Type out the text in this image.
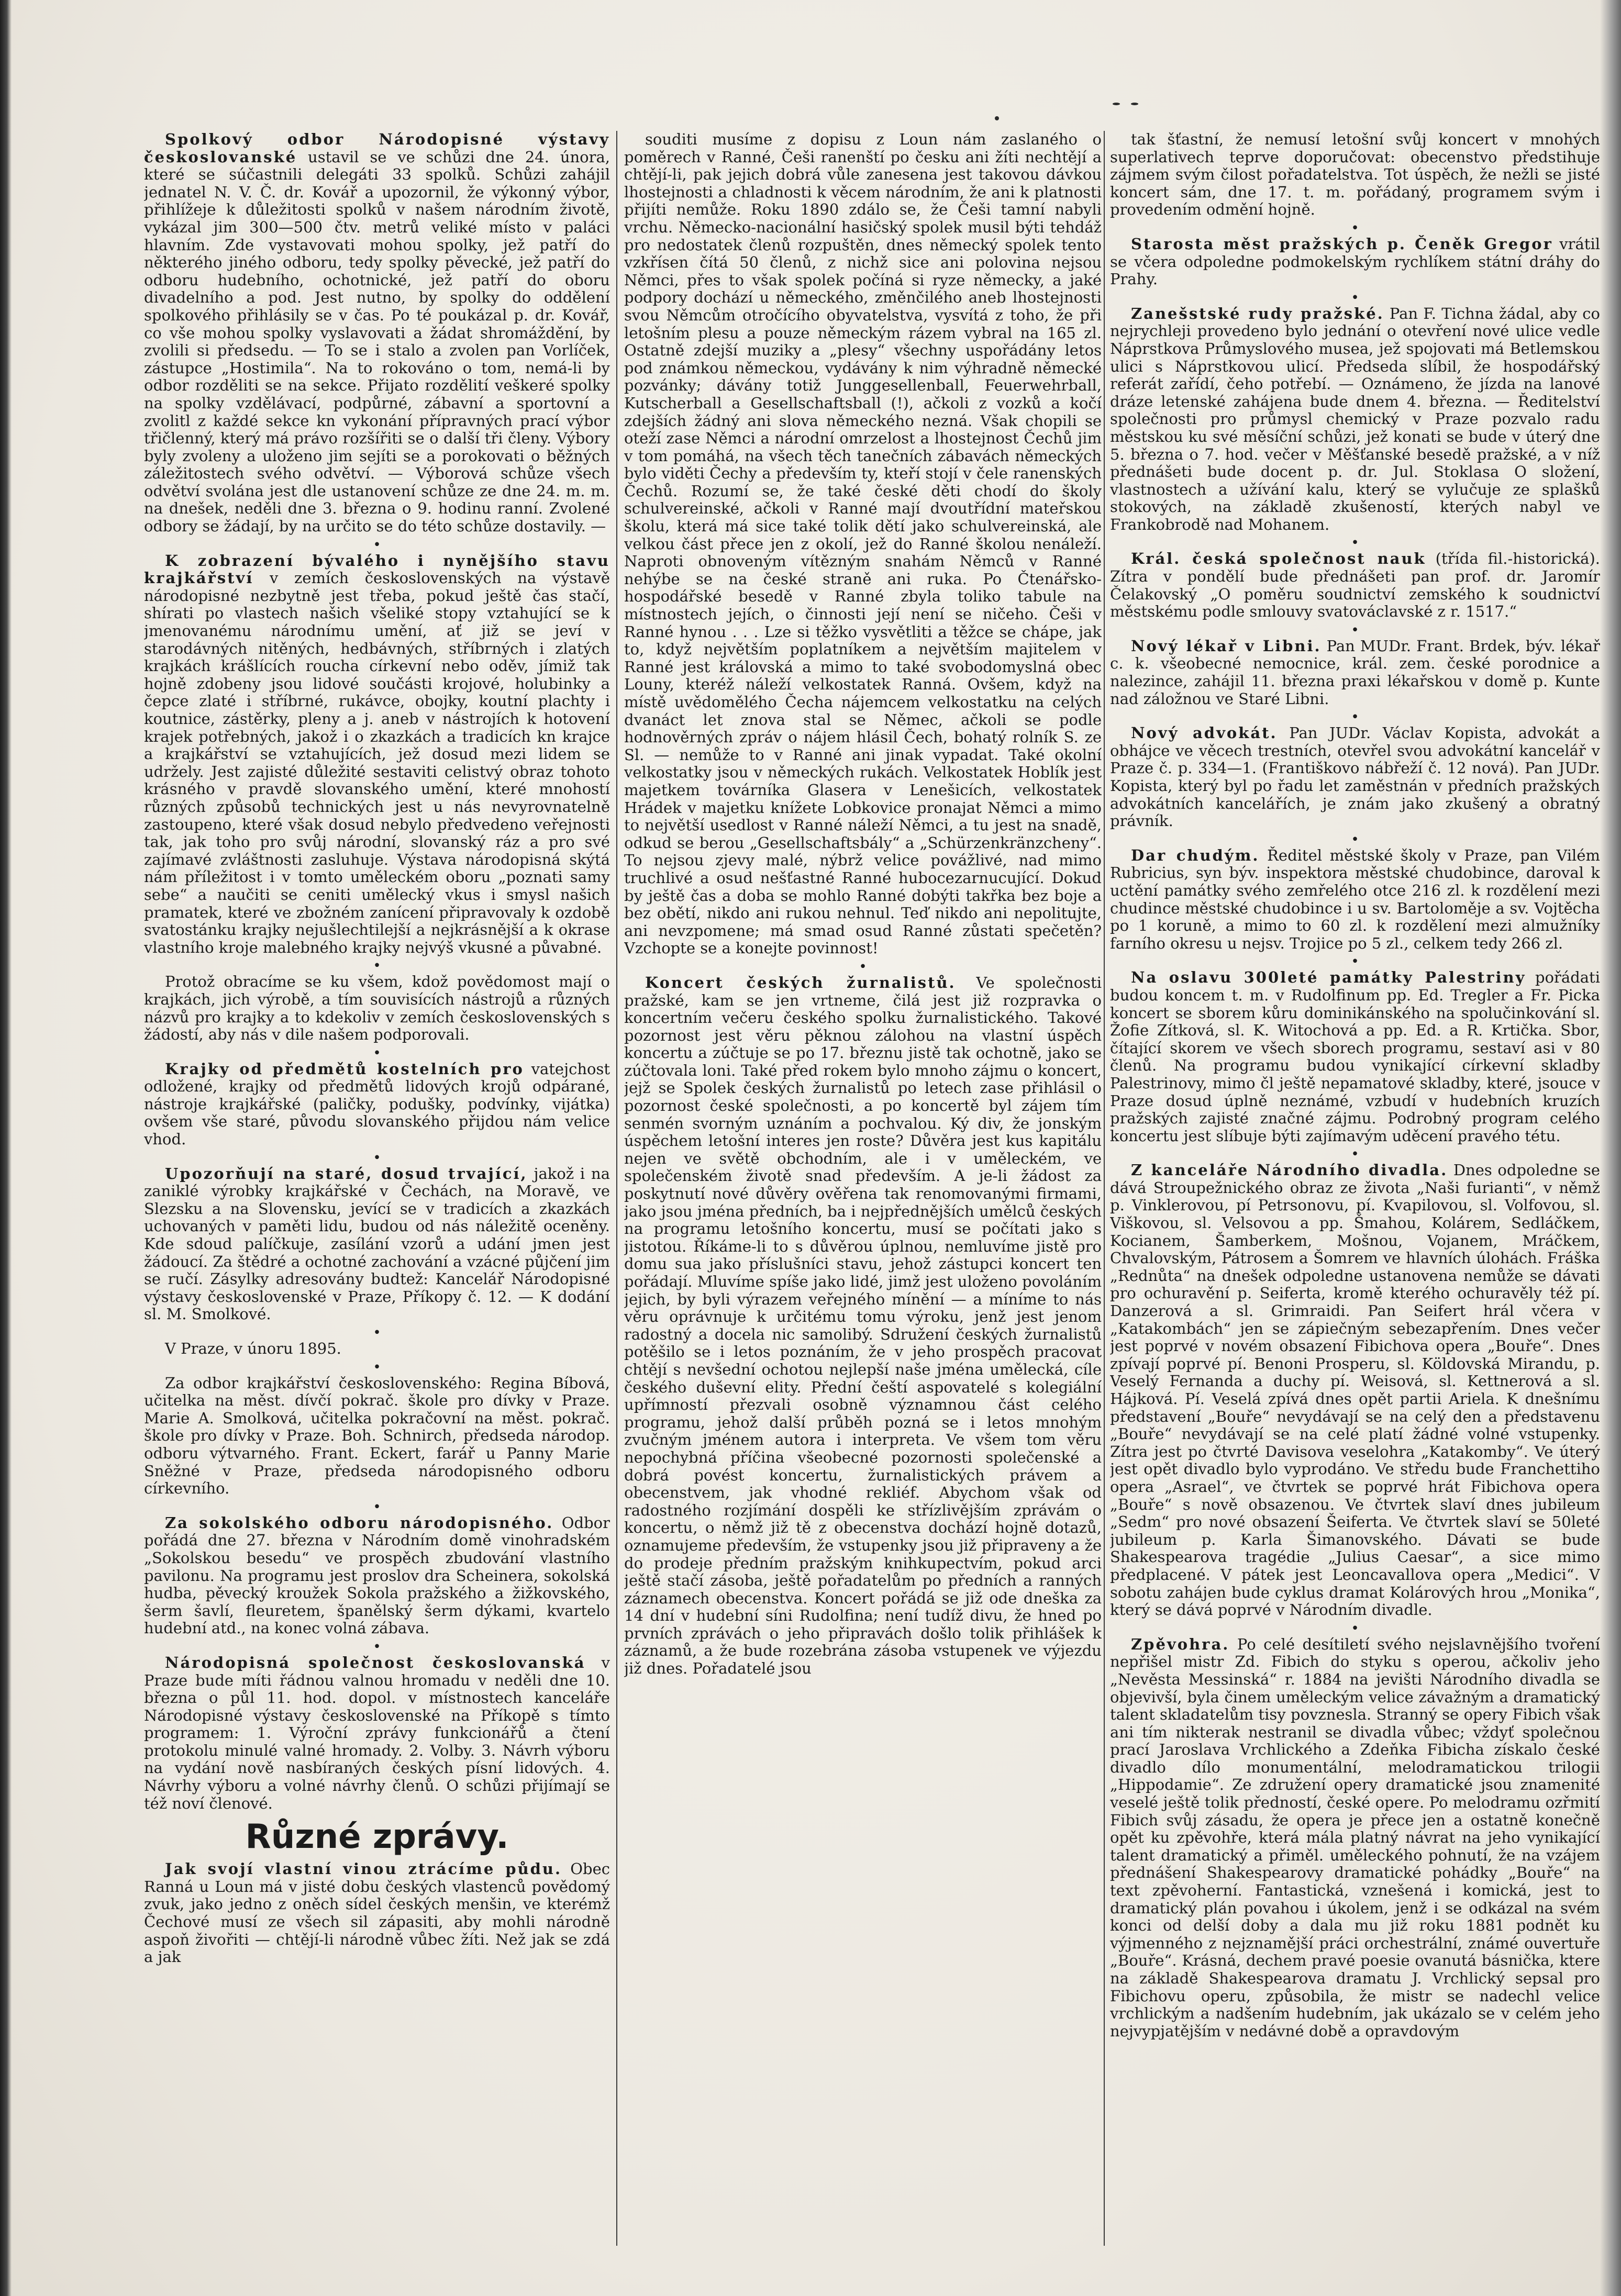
Spolkový odbor Národopisné výstavy českoslovanské ustavil se ve schůzi dne 24. února, které se súčastnili delegáti 33 spolků. Schůzi zahájil jednatel N. V. Č. dr. Kovář a upozornil, že výkonný výbor, přihlížeje k důležitosti spolků v našem národním životě, vykázal jim 300—500 čtv. metrů veliké místo v paláci hlavním. Zde vystavovati mohou spolky, jež patří do některého jiného odboru, tedy spolky pěvecké, jež patří do odboru hudebního, ochotnické, jež patří do oboru divadelního a pod. Jest nutno, by spolky do oddělení spolkového přihlásily se v čas. Po té poukázal p. dr. Kovář, co vše mohou spolky vyslavovati a žádat shromáždění, by zvolili si předsedu. — To se i stalo a zvolen pan Vorlíček, zástupce „Hostimila“. Na to rokováno o tom, nemá-li by odbor rozděliti se na sekce. Přijato rozdělití veškeré spolky na spolky vzdělávací, podpůrné, zábavní a sportovní a zvolitl z každé sekce kn vykonání přípravných prací výbor třičlenný, který má právo rozšířiti se o další tři členy. Výbory byly zvoleny a uloženo jim sejíti se a porokovati o běžných záležitostech svého odvětví. — Výborová schůze všech odvětví svolána jest dle ustanovení schůze ze dne 24. m. m. na dnešek, neděli dne 3. března o 9. hodinu ranní. Zvolené odbory se žádají, by na určito se do této schůze dostavily. —

•

K zobrazení bývalého i nynějšího stavu krajkářství v zemích československých na výstavě národopisné nezbytně jest třeba, pokud ještě čas stačí, shírati po vlastech našich všeliké stopy vztahující se k jmenovanému národnímu umění, ať již se jeví v starodávných nitěných, hedbávných, stříbrných i zlatých krajkách krášlících roucha církevní nebo oděv, jímiž tak hojně zdobeny jsou lidové součásti krojové, holubinky a čepce zlaté i stříbrné, rukávce, obojky, koutní plachty i koutnice, zástěrky, pleny a j. aneb v nástrojích k hotovení krajek potřebných, jakož i o zkazkách a tradicích kn krajce a krajkářství se vztahujících, jež dosud mezi lidem se udržely. Jest zajisté důležité sestaviti celistvý obraz tohoto krásného v pravdě slovanského umění, které mnohostí různých způsobů technických jest u nás nevyrovnatelně zastoupeno, které však dosud nebylo předvedeno veřejnosti tak, jak toho pro svůj národní, slovanský ráz a pro své zajímavé zvláštnosti zasluhuje. Výstava národopisná skýtá nám příležitost i v tomto uměleckém oboru „poznati samy sebe“ a naučiti se ceniti umělecký vkus i smysl našich pramatek, které ve zbožném zanícení připravovaly k ozdobě svatostánku krajky nejušlechtilejší a nejkrásnější a k okrase vlastního kroje malebného krajky nejvýš vkusné a půvabné.

•

Protož obracíme se ku všem, kdož povědomost mají o krajkách, jich výrobě, a tím souvisících nástrojů a různých názvů pro krajky a to kdekoliv v zemích československých s žádostí, aby nás v dile našem podporovali.

•

Krajky od předmětů kostelních pro vatejchost odložené, krajky od předmětů lidových krojů odpárané, nástroje krajkářské (paličky, podušky, podvínky, vijátka) ovšem vše staré, původu slovanského přijdou nám velice vhod.

•

Upozorňují na staré, dosud trvající, jakož i na zaniklé výrobky krajkářské v Čechách, na Moravě, ve Slezsku a na Slovensku, jevící se v tradicích a zkazkách uchovaných v paměti lidu, budou od nás náležitě oceněny. Kde sdoud palíčkuje, zasílání vzorů a udání jmen jest žádoucí. Za štědré a ochotné zachování a vzácné půjčení jim se ručí. Zásylky adresovány budtež: Kancelář Národopisné výstavy československé v Praze, Příkopy č. 12. — K dodání sl. M. Smolkové.

•

V Praze, v únoru 1895.

•

Za odbor krajkářství československého: Regina Bíbová, učitelka na měst. dívčí pokrač. škole pro dívky v Praze. Marie A. Smolková, učitelka pokračovní na měst. pokrač. škole pro dívky v Praze. Boh. Schnirch, předseda národop. odboru výtvarného. Frant. Eckert, farář u Panny Marie Sněžné v Praze, předseda národopisného odboru církevního.

•

Za sokolského odboru národopisného. Odbor pořádá dne 27. března v Národním domě vinohradském „Sokolskou besedu“ ve prospěch zbudování vlastního pavilonu. Na programu jest proslov dra Scheinera, sokolská hudba, pěvecký kroužek Sokola pražského a žižkovského, šerm šavlí, fleuretem, španělský šerm dýkami, kvartelo hudební atd., na konec volná zábava.

•

Národopisná společnost českoslovanská v Praze bude míti řádnou valnou hromadu v neděli dne 10. března o půl 11. hod. dopol. v místnostech kanceláře Národopisné výstavy československé na Příkopě s tímto programem: 1. Výroční zprávy funkcionářů a čtení protokolu minulé valné hromady. 2. Volby. 3. Návrh výboru na vydání nově nasbíraných českých písní lidových. 4. Návrhy výboru a volné návrhy členů. O schůzi přijímají se též noví členové.

Různé zprávy.

Jak svojí vlastní vinou ztrácíme půdu. Obec Ranná u Loun má v jisté dobu českých vlastenců povědomý zvuk, jako jedno z oněch sídel českých menšin, ve kterémž Čechové musí ze všech sil zápasiti, aby mohli národně aspoň živořiti — chtějí-li národně vůbec žíti. Než jak se zdá a jak

souditi musíme z dopisu z Loun nám zaslaného o poměrech v Ranné, Češi ranenští po česku ani žíti nechtějí a chtějí-li, pak jejich dobrá vůle zanesena jest takovou dávkou lhostejnosti a chladnosti k věcem národním, že ani k platnosti přijíti nemůže. Roku 1890 zdálo se, že Češi tamní nabyli vrchu. Německo-nacionální hasičský spolek musil býti tehdáž pro nedostatek členů rozpuštěn, dnes německý spolek tento vzkřísen čítá 50 členů, z nichž sice ani polovina nejsou Němci, přes to však spolek počíná si ryze německy, a jaké podpory dochází u německého, změnčilého aneb lhostejnosti svou Němcům otročícího obyvatelstva, vysvítá z toho, že při letošním plesu a pouze německým rázem vybral na 165 zl. Ostatně zdejší muziky a „plesy“ všechny uspořádány letos pod známkou německou, vydávány k nim výhradně německé pozvánky; dávány totiž Junggesellenball, Feuerwehrball, Kutscherball a Gesellschaftsball (!), ačkoli z vozků a kočí zdejších žádný ani slova německého nezná. Však chopili se oteží zase Němci a národní omrzelost a lhostejnost Čechů jim v tom pomáhá, na všech těch tanečních zábavách německých bylo viděti Čechy a především ty, kteří stojí v čele ranenských Čechů. Rozumí se, že také české děti chodí do školy schulvereinské, ačkoli v Ranné mají dvoutřídní mateřskou školu, která má sice také tolik dětí jako schulvereinská, ale velkou část přece jen z okolí, jež do Ranné školou nenáleží. Naproti obnoveným vítězným snahám Němců v Ranné nehýbe se na české straně ani ruka. Po Čtenářsko-hospodářské besedě v Ranné zbyla toliko tabule na místnostech jejích, o činnosti její není se ničeho. Češi v Ranné hynou . . . Lze si těžko vysvětliti a těžce se chápe, jak to, když největším poplatníkem a největším majitelem v Ranné jest královská a mimo to také svobodomyslná obec Louny, kteréž náleží velkostatek Ranná. Ovšem, když na místě uvědomělého Čecha nájemcem velkostatku na celých dvanáct let znova stal se Němec, ačkoli se podle hodnověrných zpráv o nájem hlásil Čech, bohatý rolník S. ze Sl. — nemůže to v Ranné ani jinak vypadat. Také okolní velkostatky jsou v německých rukách. Velkostatek Hoblík jest majetkem továrníka Glasera v Lenešicích, velkostatek Hrádek v majetku knížete Lobkovice pronajat Němci a mimo to největší usedlost v Ranné náleží Němci, a tu jest na snadě, odkud se berou „Gesellschaftsbály“ a „Schürzenkränzcheny“. To nejsou zjevy malé, nýbrž velice povážlivé, nad mimo truchlivé a osud nešťastné Ranné hubocezarnucující. Dokud by ještě čas a doba se mohlo Ranné dobýti takřka bez boje a bez obětí, nikdo ani rukou nehnul. Teď nikdo ani nepolitujte, ani nevzpomene; má smad osud Ranné zůstati spečetěn? Vzchopte se a konejte povinnost!

•

Koncert českých žurnalistů. Ve společnosti pražské, kam se jen vrtneme, čilá jest již rozpravka o koncertním večeru českého spolku žurnalistického. Takové pozornost jest věru pěknou zálohou na vlastní úspěch koncertu a zúčtuje se po 17. březnu jistě tak ochotně, jako se zúčtovala loni. Také před rokem bylo mnoho zájmu o koncert, jejž se Spolek českých žurnalistů po letech zase přihlásil o pozornost české společnosti, a po koncertě byl zájem tím senmén svorným uznáním a pochvalou. Ký div, že jonským úspěchem letošní interes jen roste? Důvěra jest kus kapitálu nejen ve světě obchodním, ale i v uměleckém, ve společenském životě snad především. A je-li žádost za poskytnutí nové důvěry ověřena tak renomovanými firmami, jako jsou jména předních, ba i nejpřednějších umělců českých na programu letošního koncertu, musí se počítati jako s jistotou. Říkáme-li to s důvěrou úplnou, nemluvíme jistě pro domu sua jako příslušníci stavu, jehož zástupci koncert ten pořádají. Mluvíme spíše jako lidé, jimž jest uloženo povoláním jejich, by byli výrazem veřejného mínění — a míníme to nás věru oprávnuje k určitému tomu výroku, jenž jest jenom radostný a docela nic samolibý. Sdružení českých žurnalistů potěšilo se i letos poznáním, že v jeho prospěch pracovat chtějí s nevšední ochotou nejlepší naše jména umělecká, cíle českého duševní elity. Přední čeští aspovatelé s kolegiální upřímností přezvali osobně významnou část celého programu, jehož další průběh pozná se i letos mnohým zvučným jménem autora i interpreta. Ve všem tom věru nepochybná příčina všeobecné pozornosti společenské a dobrá povést koncertu, žurnalistických právem a obecenstvem, jak vhodné rekliéf. Abychom však od radostného rozjímání dospěli ke střízlivějším zprávám o koncertu, o němž již tě z obecenstva dochází hojně dotazů, oznamujeme především, že vstupenky jsou již připraveny a že do prodeje předním pražským knihkupectvím, pokud arci ještě stačí zásoba, ještě pořadatelům po předních a ranných záznamech obecenstva. Koncert pořádá se již ode dneška za 14 dní v hudební síni Rudolfina; není tudíž divu, že hned po prvních zprávách o jeho připravách došlo tolik přihlášek k záznamů, a že bude rozebrána zásoba vstupenek ve výjezdu již dnes. Pořadatelé jsou

tak šťastní, že nemusí letošní svůj koncert v mnohých superlativech teprve doporučovat: obecenstvo předstihuje zájmem svým čilost pořadatelstva. Tot úspěch, že nežli se jisté koncert sám, dne 17. t. m. pořádaný, programem svým i provedením odmění hojně.

•

Starosta měst pražských p. Čeněk Gregor vrátil se včera odpoledne podmokelským rychlíkem státní dráhy do Prahy.

•

Zanešstské rudy pražské. Pan F. Tichna žádal, aby co nejrychleji provedeno bylo jednání o otevření nové ulice vedle Náprstkova Průmyslového musea, jež spojovati má Betlemskou ulici s Náprstkovou ulicí. Předseda slíbil, že hospodářský referát zařídí, čeho potřebí. — Oznámeno, že jízda na lanové dráze letenské zahájena bude dnem 4. března. — Ředitelství společnosti pro průmysl chemický v Praze pozvalo radu městskou ku své měsíční schůzi, jež konati se bude v úterý dne 5. března o 7. hod. večer v Měšťanské besedě pražské, a v níž přednášeti bude docent p. dr. Jul. Stoklasa O složení, vlastnostech a užívání kalu, který se vylučuje ze splašků stokových, na základě zkušeností, kterých nabyl ve Frankobrodě nad Mohanem.

•

Král. česká společnost nauk (třída fil.-historická). Zítra v pondělí bude přednášeti pan prof. dr. Jaromír Čelakovský „O poměru soudnictví zemského k soudnictví městskému podle smlouvy svatováclavské z r. 1517.“

•

Nový lékař v Libni. Pan MUDr. Frant. Brdek, býv. lékař c. k. všeobecné nemocnice, král. zem. české porodnice a nalezince, zahájil 11. března praxi lékařskou v domě p. Kunte nad záložnou ve Staré Libni.

•

Nový advokát. Pan JUDr. Václav Kopista, advokát a obhájce ve věcech trestních, otevřel svou advokátní kancelář v Praze č. p. 334—1. (Františkovo nábřeží č. 12 nová). Pan JUDr. Kopista, který byl po řadu let zaměstnán v předních pražských advokátních kancelářích, je znám jako zkušený a obratný právník.

•

Dar chudým. Ředitel městské školy v Praze, pan Vilém Rubricius, syn býv. inspektora městské chudobince, daroval k uctění památky svého zemřelého otce 216 zl. k rozdělení mezi chudince městské chudobince i u sv. Bartoloměje a sv. Vojtěcha po 1 koruně, a mimo to 60 zl. k rozdělení mezi almužníky farního okresu u nejsv. Trojice po 5 zl., celkem tedy 266 zl.

•

Na oslavu 300leté památky Palestriny pořádati budou koncem t. m. v Rudolfinum pp. Ed. Tregler a Fr. Picka koncert se sborem kůru dominikánského na spolučinkování sl. Žofie Zítková, sl. K. Witochová a pp. Ed. a R. Krtička. Sbor, čítající skorem ve všech sborech programu, sestaví asi v 80 členů. Na programu budou vynikající církevní skladby Palestrinovy, mimo čl ještě nepamatové skladby, které, jsouce v Praze dosud úplně neznámé, vzbudí v hudebních kruzích pražských zajisté značné zájmu. Podrobný program celého koncertu jest slíbuje býti zajímavým uděcení pravého tétu.

•

Z kanceláře Národního divadla. Dnes odpoledne se dává Stroupežnického obraz ze života „Naši furianti“, v němž p. Vinklerovou, pí Petrsonovu, pí. Kvapilovou, sl. Volfovou, sl. Viškovou, sl. Velsovou a pp. Šmahou, Kolárem, Sedláčkem, Kocianem, Šamberkem, Mošnou, Vojanem, Mráčkem, Chvalovským, Pátrosem a Šomrem ve hlavních úlohách. Fráška „Rednůta“ na dnešek odpoledne ustanovena nemůže se dávati pro ochuravění p. Seiferta, kromě kterého ochuravěly též pí. Danzerová a sl. Grimraidi. Pan Seifert hrál včera v „Katakombách“ jen se zápiečným sebezapřením. Dnes večer jest poprvé v novém obsazení Fibichova opera „Bouře“. Dnes zpívají poprvé pí. Benoni Prosperu, sl. Köldovská Mirandu, p. Veselý Fernanda a duchy pí. Weisová, sl. Kettnerová a sl. Hájková. Pí. Veselá zpívá dnes opět partii Ariela. K dnešnímu představení „Bouře“ nevydávají se na celý den a představenu „Bouře“ nevydávají se na celé platí žádné volné vstupenky. Zítra jest po čtvrté Davisova veselohra „Katakomby“. Ve úterý jest opět divadlo bylo vyprodáno. Ve středu bude Franchettiho opera „Asrael“, ve čtvrtek se poprvé hrát Fibichova opera „Bouře“ s nově obsazenou. Ve čtvrtek slaví dnes jubileum „Sedm“ pro nové obsazení Šeiferta. Ve čtvrtek slaví se 50leté jubileum p. Karla Šimanovského. Dávati se bude Shakespearova tragédie „Julius Caesar“, a sice mimo předplacené. V pátek jest Leoncavallova opera „Medici“. V sobotu zahájen bude cyklus dramat Kolárových hrou „Monika“, který se dává poprvé v Národním divadle.

•

Zpěvohra. Po celé desítiletí svého nejslavnějšího tvoření nepřišel mistr Zd. Fibich do styku s operou, ačkoliv jeho „Nevěsta Messinská“ r. 1884 na jevišti Národního divadla se objevivší, byla činem uměleckým velice závažným a dramatický talent skladatelům tisy povznesla. Stranný se opery Fibich však ani tím nikterak nestranil se divadla vůbec; vždyť společnou prací Jaroslava Vrchlického a Zdeňka Fibicha získalo české divadlo dílo monumentální, melodramatickou trilogii „Hippodamie“. Ze združení opery dramatické jsou znamenité veselé ještě tolik předností, české opere. Po melodramu ozřmití Fibich svůj zásadu, že opera je přece jen a ostatně konečně opět ku zpěvohře, která mála platný návrat na jeho vynikající talent dramatický a přiměl. uměleckého pohnutí, že na vzájem přednášení Shakespearovy dramatické pohádky „Bouře“ na text zpěvoherní. Fantastická, vznešená i komická, jest to dramatický plán povahou i úkolem, jenž i se odkázal na svém konci od delší doby a dala mu již roku 1881 podnět ku výjmenného z nejznamější práci orchestrální, známé ouvertuře „Bouře“. Krásná, dechem pravé poesie ovanutá básnička, ktere na základě Shakespearova dramatu J. Vrchlický sepsal pro Fibichovu operu, způsobila, že mistr se nadechl velice vrchlickým a nadšením hudebním, jak ukázalo se v celém jeho nejvypjatějším v nedávné době a opravdovým
